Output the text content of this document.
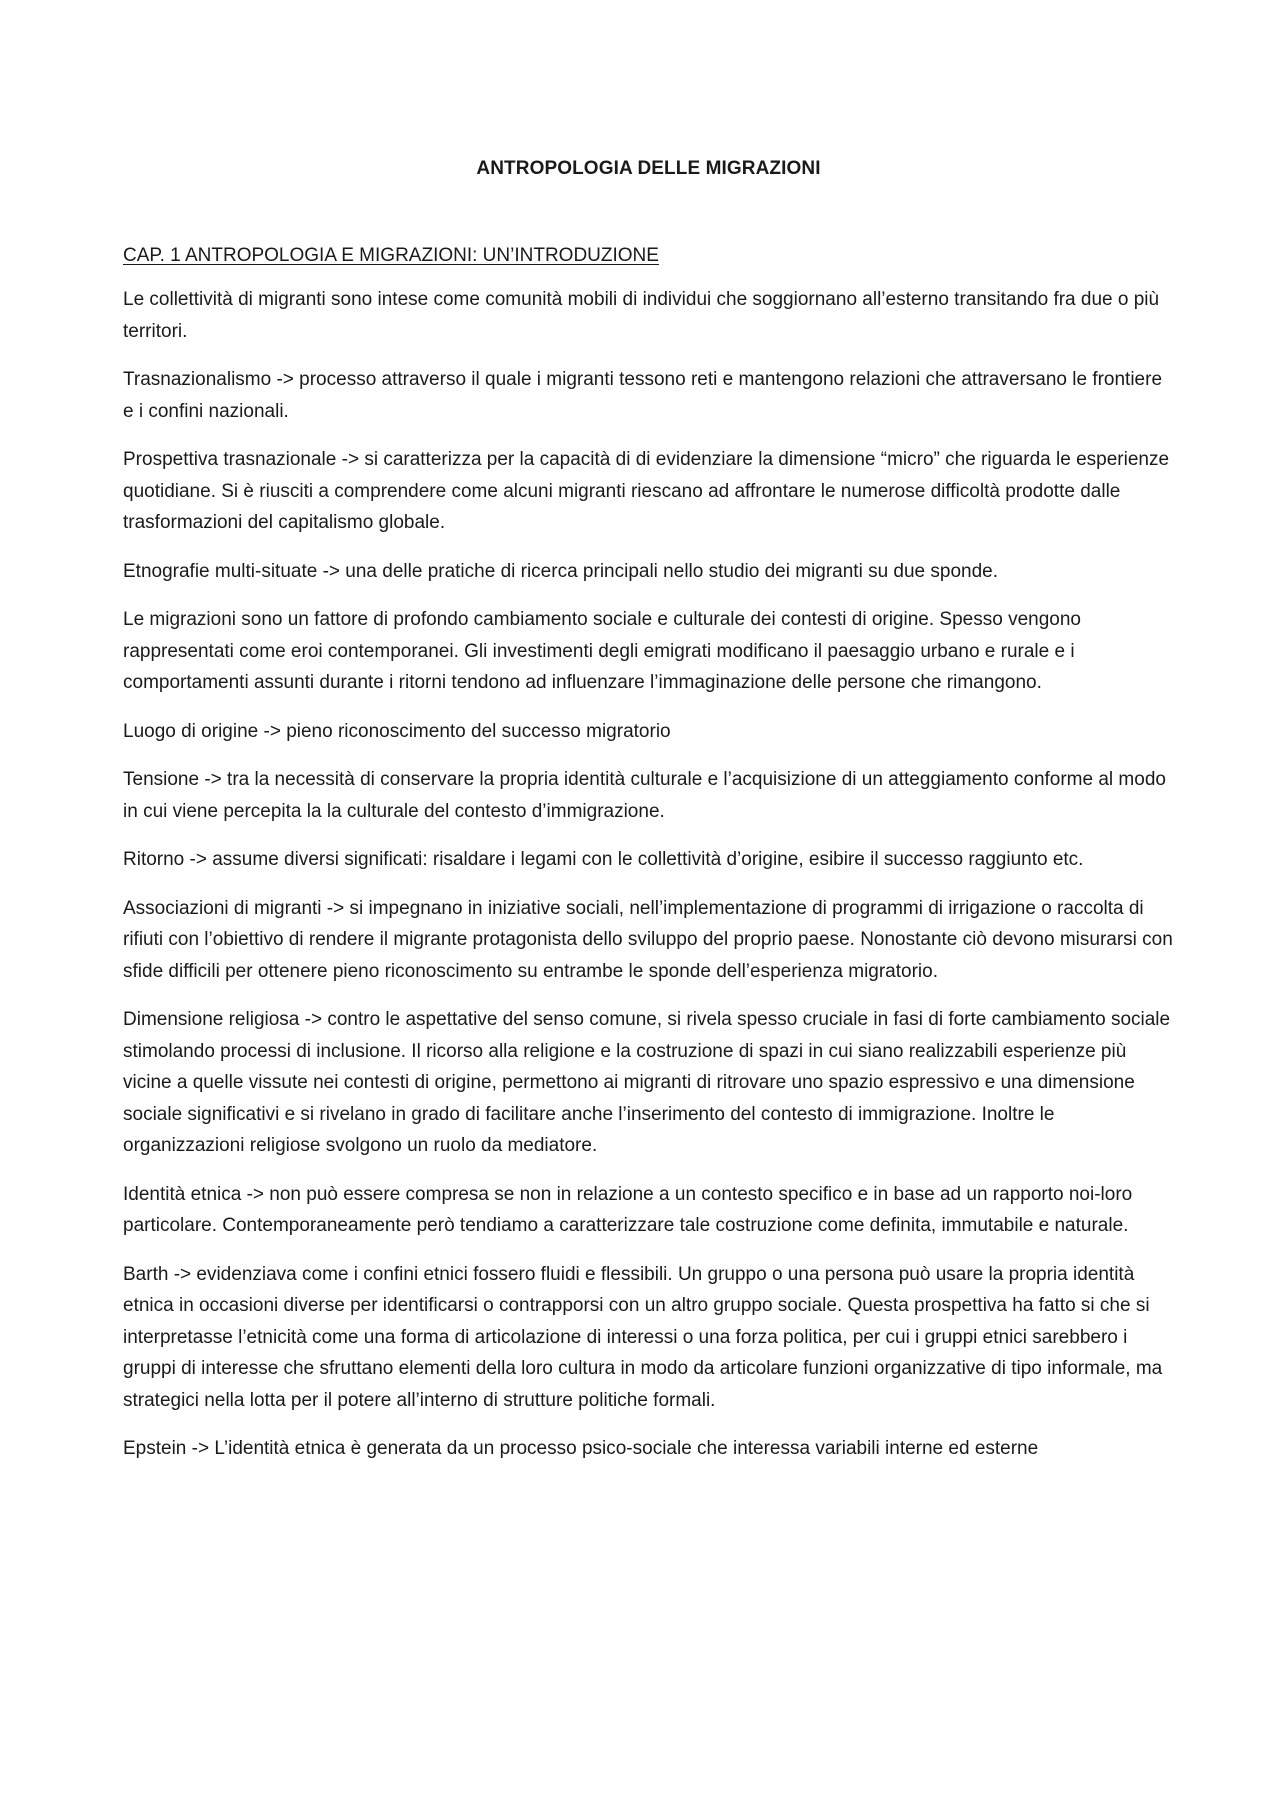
ANTROPOLOGIA DELLE MIGRAZIONI
CAP. 1 ANTROPOLOGIA E MIGRAZIONI: UN’INTRODUZIONE

Le collettività di migranti sono intese come comunità mobili di individui che soggiornano all’esterno transitando fra due o più territori.

Trasnazionalismo -> processo attraverso il quale i migranti tessono reti e mantengono relazioni che attraversano le frontiere e i confini nazionali.

Prospettiva trasnazionale -> si caratterizza per la capacità di di evidenziare la dimensione “micro” che riguarda le esperienze quotidiane. Si è riusciti a comprendere come alcuni migranti riescano ad affrontare le numerose difficoltà prodotte dalle trasformazioni del capitalismo globale.

Etnografie multi-situate -> una delle pratiche di ricerca principali nello studio dei migranti su due sponde.

Le migrazioni sono un fattore di profondo cambiamento sociale e culturale dei contesti di origine. Spesso vengono rappresentati come eroi contemporanei. Gli investimenti degli emigrati modificano il paesaggio urbano e rurale e i comportamenti assunti durante i ritorni tendono ad influenzare l’immaginazione delle persone che rimangono.

Luogo di origine -> pieno riconoscimento del successo migratorio

Tensione -> tra la necessità di conservare la propria identità culturale e l’acquisizione di un atteggiamento conforme al modo in cui viene percepita la la culturale del contesto d’immigrazione.

Ritorno -> assume diversi significati: risaldare i legami con le collettività d’origine, esibire il successo raggiunto etc.

Associazioni di migranti -> si impegnano in iniziative sociali, nell’implementazione di programmi di irrigazione o raccolta di rifiuti con l’obiettivo di rendere il migrante protagonista dello sviluppo del proprio paese. Nonostante ciò devono misurarsi con sfide difficili per ottenere pieno riconoscimento su entrambe le sponde dell’esperienza migratorio.

Dimensione religiosa -> contro le aspettative del senso comune, si rivela spesso cruciale in fasi di forte cambiamento sociale stimolando processi di inclusione. Il ricorso alla religione e la costruzione di spazi in cui siano realizzabili esperienze più vicine a quelle vissute nei contesti di origine, permettono ai migranti di ritrovare uno spazio espressivo e una dimensione sociale significativi e si rivelano in grado di facilitare anche l’inserimento del contesto di immigrazione. Inoltre le organizzazioni religiose svolgono un ruolo da mediatore.

Identità etnica -> non può essere compresa se non in relazione a un contesto specifico e in base ad un rapporto noi-loro particolare. Contemporaneamente però tendiamo a caratterizzare tale costruzione come definita, immutabile e naturale.

Barth -> evidenziava come i confini etnici fossero fluidi e flessibili. Un gruppo o una persona può usare la propria identità etnica in occasioni diverse per identificarsi o contrapporsi con un altro gruppo sociale. Questa prospettiva ha fatto si che si interpretasse l’etnicità come una forma di articolazione di interessi o una forza politica, per cui i gruppi etnici sarebbero i gruppi di interesse che sfruttano elementi della loro cultura in modo da articolare funzioni organizzative di tipo informale, ma strategici nella lotta per il potere all’interno di strutture politiche formali.

Epstein -> L’identità etnica è generata da un processo psico-sociale che interessa variabili interne ed esterne
